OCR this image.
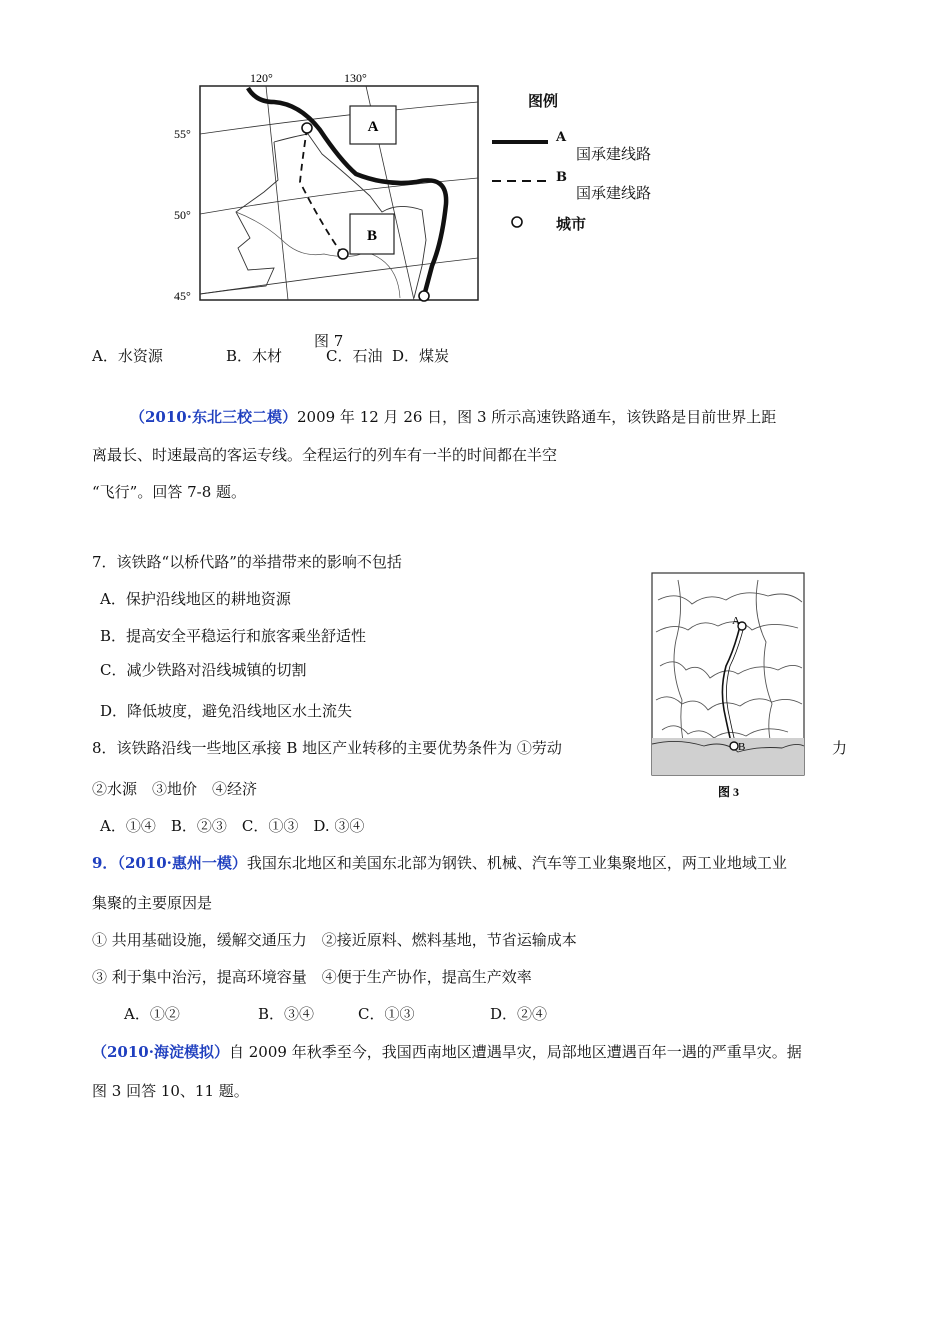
A
B
120°	130°
55°
50°
45°
图例
A
国承建线路
B
国承建线路
城市
图 7
A．水资源	B．木材	C．石油 D．煤炭
（2010·东北三校二模）2009 年 12 月 26 日，图 3 所示高速铁路通车，该铁路是目前世界上距
离最长、时速最高的客运专线。全程运行的列车有一半的时间都在半空
“飞行”。回答 7-8 题。
7．该铁路“以桥代路”的举措带来的影响不包括
A．保护沿线地区的耕地资源
B．提高安全平稳运行和旅客乘坐舒适性
C．减少铁路对沿线城镇的切割
D．降低坡度，避免沿线地区水土流失
A
B
图 3
8．该铁路沿线一些地区承接 B 地区产业转移的主要优势条件为 ①劳动	力
②水源　③地价　④经济
A．①④　B．②③　C．①③　D. ③④
9．（2010·惠州一模）我国东北地区和美国东北部为钢铁、机械、汽车等工业集聚地区，两工业地域工业
集聚的主要原因是
① 共用基础设施，缓解交通压力　②接近原料、燃料基地，节省运输成本
③ 利于集中治污，提高环境容量　④便于生产协作，提高生产效率
A．①②	B．③④	C．①③	D．②④
（2010·海淀模拟）自 2009 年秋季至今，我国西南地区遭遇旱灾，局部地区遭遇百年一遇的严重旱灾。据
图 3 回答 10、11 题。
